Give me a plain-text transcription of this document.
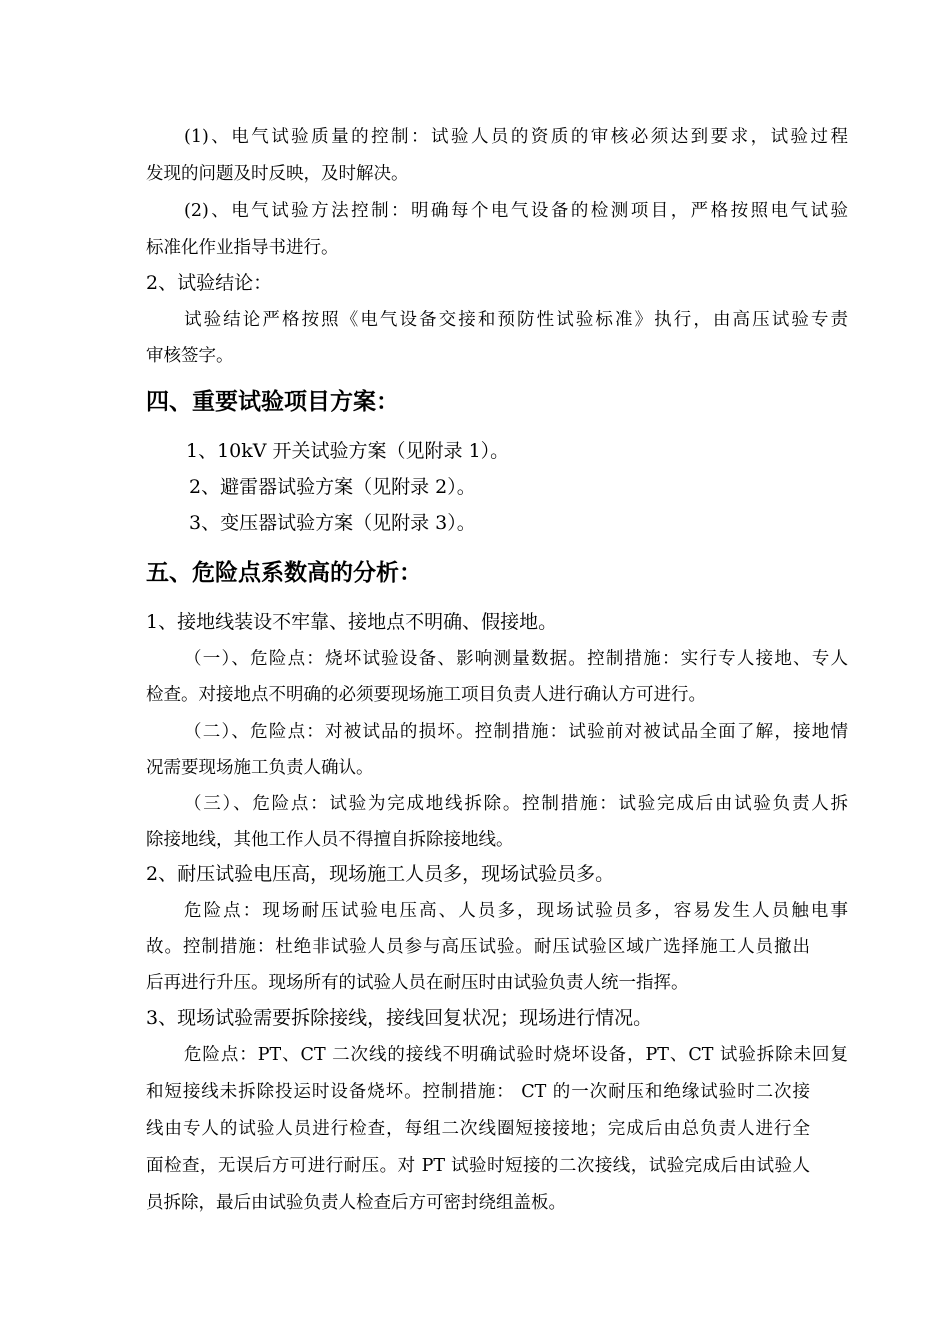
(1)、电气试验质量的控制：试验人员的资质的审核必须达到要求，试验过程
发现的问题及时反映，及时解决。
(2)、电气试验方法控制：明确每个电气设备的检测项目，严格按照电气试验
标准化作业指导书进行。
2、试验结论：
试验结论严格按照《电气设备交接和预防性试验标准》执行，由高压试验专责
审核签字。
四、重要试验项目方案：
1、10kV 开关试验方案（见附录 1）。
2、避雷器试验方案（见附录 2）。
3、变压器试验方案（见附录 3）。
五、危险点系数高的分析：
1、接地线装设不牢靠、接地点不明确、假接地。
（一）、危险点：烧坏试验设备、影响测量数据。控制措施：实行专人接地、专人
检查。对接地点不明确的必须要现场施工项目负责人进行确认方可进行。
（二）、危险点：对被试品的损坏。控制措施：试验前对被试品全面了解，接地情
况需要现场施工负责人确认。
（三）、危险点：试验为完成地线拆除。控制措施：试验完成后由试验负责人拆
除接地线，其他工作人员不得擅自拆除接地线。
2、耐压试验电压高，现场施工人员多，现场试验员多。
危险点：现场耐压试验电压高、人员多，现场试验员多，容易发生人员触电事
故。控制措施：杜绝非试验人员参与高压试验。耐压试验区域广选择施工人员撤出
后再进行升压。现场所有的试验人员在耐压时由试验负责人统一指挥。
3、现场试验需要拆除接线，接线回复状况；现场进行情况。
危险点：PT、CT 二次线的接线不明确试验时烧坏设备，PT、CT 试验拆除未回复
和短接线未拆除投运时设备烧坏。控制措施： CT 的一次耐压和绝缘试验时二次接
线由专人的试验人员进行检查，每组二次线圈短接接地；完成后由总负责人进行全
面检查，无误后方可进行耐压。对 PT 试验时短接的二次接线，试验完成后由试验人
员拆除，最后由试验负责人检查后方可密封绕组盖板。
